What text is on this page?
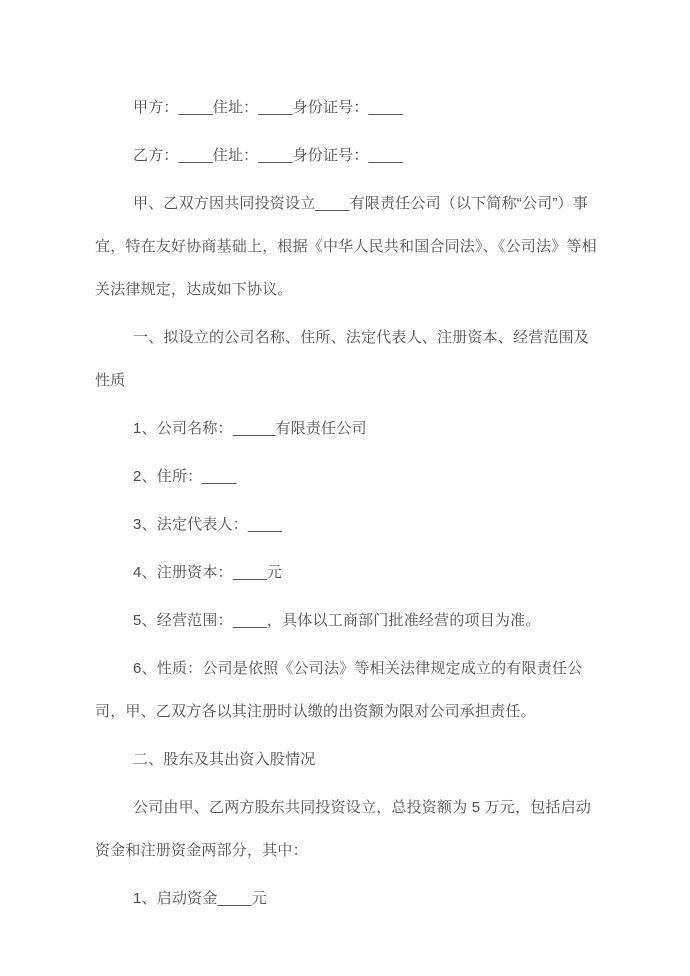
甲方：____住址：____身份证号：____

乙方：____住址：____身份证号：____

甲、乙双方因共同投资设立____有限责任公司（以下简称“公司”）事宜，特在友好协商基础上，根据《中华人民共和国合同法》、《公司法》等相关法律规定，达成如下协议。

一、拟设立的公司名称、住所、法定代表人、注册资本、经营范围及性质

1、公司名称：_____有限责任公司

2、住所：____

3、法定代表人：____

4、注册资本：____元

5、经营范围：____，具体以工商部门批准经营的项目为准。

6、性质：公司是依照《公司法》等相关法律规定成立的有限责任公司，甲、乙双方各以其注册时认缴的出资额为限对公司承担责任。

二、股东及其出资入股情况

公司由甲、乙两方股东共同投资设立，总投资额为 5 万元，包括启动资金和注册资金两部分，其中：

1、启动资金____元
